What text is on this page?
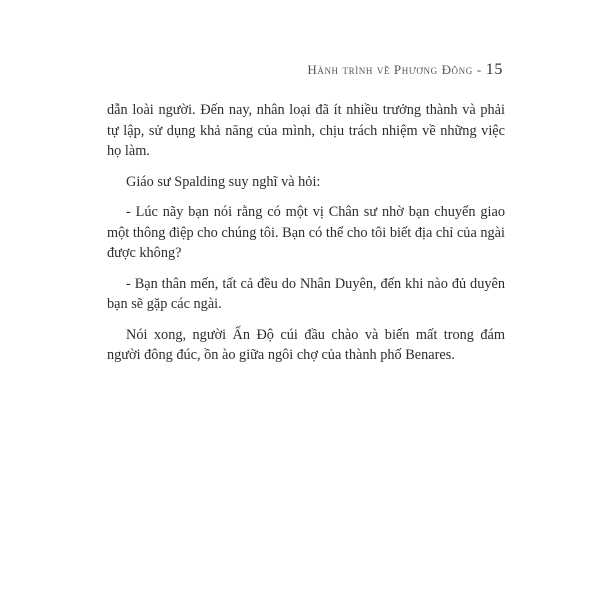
Hành trình về Phương Đông - 15

dẫn loài người. Đến nay, nhân loại đã ít nhiều trưởng thành và phải tự lập, sử dụng khả năng của mình, chịu trách nhiệm về những việc họ làm.

Giáo sư Spalding suy nghĩ và hỏi:

- Lúc nãy bạn nói rằng có một vị Chân sư nhờ bạn chuyển giao một thông điệp cho chúng tôi. Bạn có thể cho tôi biết địa chỉ của ngài được không?

- Bạn thân mến, tất cả đều do Nhân Duyên, đến khi nào đủ duyên bạn sẽ gặp các ngài.

Nói xong, người Ấn Độ cúi đầu chào và biến mất trong đám người đông đúc, ồn ào giữa ngôi chợ của thành phố Benares.
